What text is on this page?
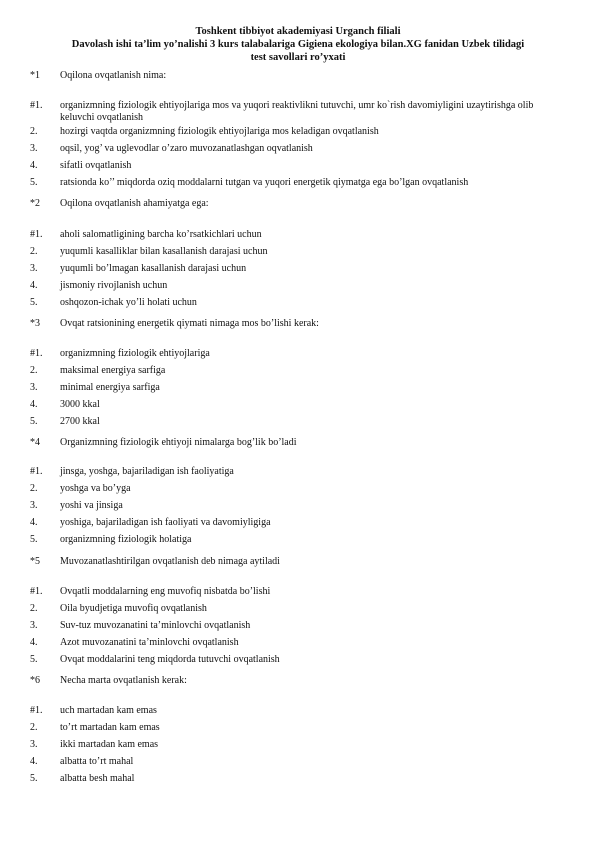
Toshkent tibbiyot akademiyasi Urganch filiali
Davolash ishi ta’lim yo’nalishi 3 kurs talabalariga Gigiena ekologiya bilan.XG fanidan Uzbek tilidagi
test savollari ro’yxati
*1	Oqilona ovqatlanish nima:
#1.	organizmning fiziologik ehtiyojlariga mos va yuqori reaktivlikni tutuvchi, umr ko`rish davomiyligini uzaytirishga olib keluvchi ovqatlanish
2.	hozirgi vaqtda organizmning fiziologik ehtiyojlariga mos keladigan ovqatlanish
3.	oqsil, yog’ va uglevodlar o’zaro muvozanatlashgan oqvatlanish
4.	sifatli ovqatlanish
5.	ratsionda ko’’ miqdorda oziq moddalarni tutgan va yuqori energetik qiymatga ega bo’lgan ovqatlanish
*2	Oqilona ovqatlanish ahamiyatga ega:
#1.	aholi salomatligining barcha ko’rsatkichlari uchun
2.	yuqumli kasalliklar bilan kasallanish darajasi uchun
3.	yuqumli bo’lmagan kasallanish darajasi uchun
4.	jismoniy rivojlanish uchun
5.	oshqozon-ichak yo’li holati uchun
*3	Ovqat ratsionining energetik qiymati nimaga mos bo’lishi kerak:
#1.	organizmning fiziologik ehtiyojlariga
2.	maksimal energiya sarfiga
3.	minimal energiya sarfiga
4.	3000 kkal
5.	2700 kkal
*4	Organizmning fiziologik ehtiyoji nimalarga bog’lik bo’ladi
#1.	jinsga, yoshga, bajariladigan ish faoliyatiga
2.	yoshga va bo’yga
3.	yoshi va jinsiga
4.	yoshiga, bajariladigan ish faoliyati va davomiyligiga
5.	organizmning fiziologik holatiga
*5	Muvozanatlashtirilgan ovqatlanish deb nimaga aytiladi
#1.	Ovqatli moddalarning eng muvofiq nisbatda bo’lishi
2.	Oila byudjetiga muvofiq ovqatlanish
3.	Suv-tuz muvozanatini ta’minlovchi ovqatlanish
4.	Azot muvozanatini ta’minlovchi ovqatlanish
5.	Ovqat moddalarini teng miqdorda tutuvchi ovqatlanish
*6	Necha marta ovqatlanish kerak:
#1.	uch martadan kam emas
2.	to’rt martadan kam emas
3.	ikki martadan kam emas
4.	albatta to’rt mahal
5.	albatta besh mahal
